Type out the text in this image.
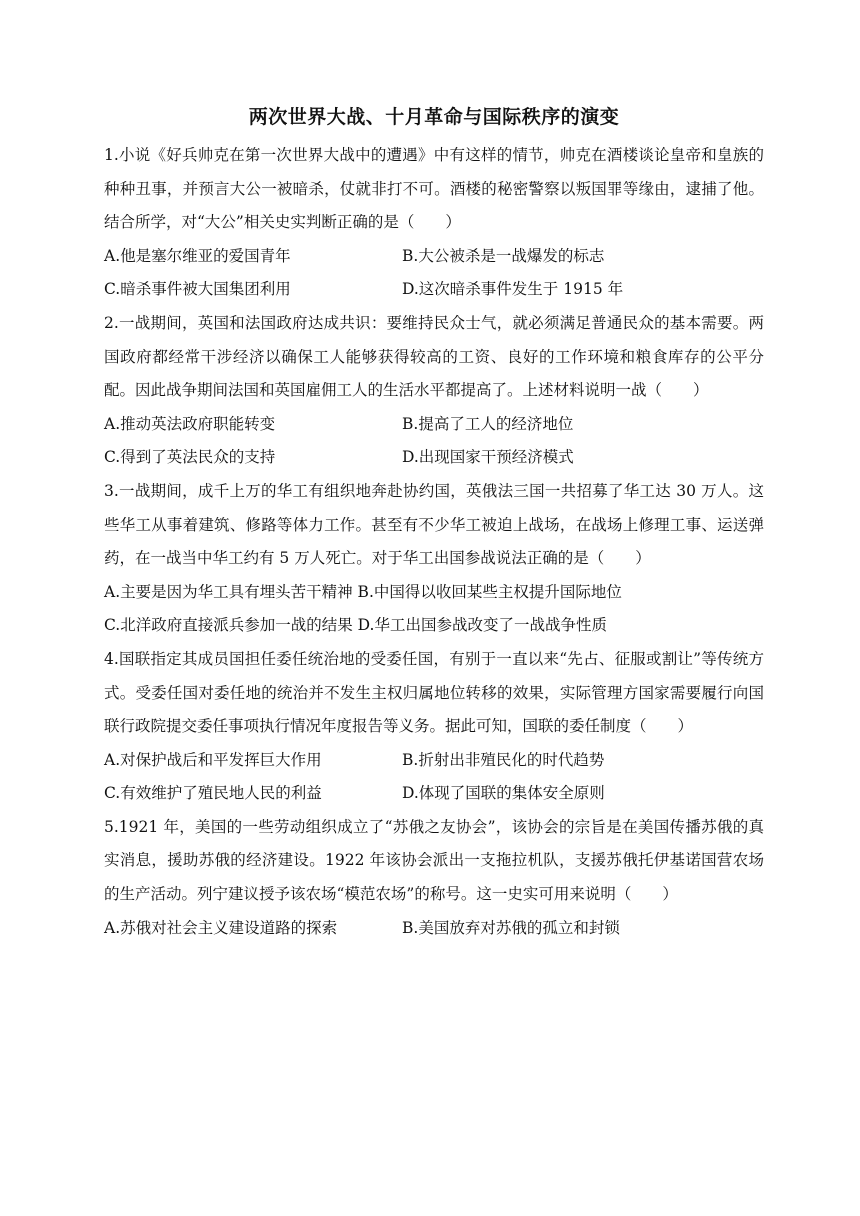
两次世界大战、十月革命与国际秩序的演变

1.小说《好兵帅克在第一次世界大战中的遭遇》中有这样的情节，帅克在酒楼谈论皇帝和皇族的种种丑事，并预言大公一被暗杀，仗就非打不可。酒楼的秘密警察以叛国罪等缘由，逮捕了他。结合所学，对“大公”相关史实判断正确的是（　　）

A.他是塞尔维亚的爱国青年	B.大公被杀是一战爆发的标志
C.暗杀事件被大国集团利用	D.这次暗杀事件发生于 1915 年

2.一战期间，英国和法国政府达成共识：要维持民众士气，就必须满足普通民众的基本需要。两国政府都经常干涉经济以确保工人能够获得较高的工资、良好的工作环境和粮食库存的公平分配。因此战争期间法国和英国雇佣工人的生活水平都提高了。上述材料说明一战（　　）

A.推动英法政府职能转变	B.提高了工人的经济地位
C.得到了英法民众的支持	D.出现国家干预经济模式

3.一战期间，成千上万的华工有组织地奔赴协约国，英俄法三国一共招募了华工达 30 万人。这些华工从事着建筑、修路等体力工作。甚至有不少华工被迫上战场，在战场上修理工事、运送弹药，在一战当中华工约有 5 万人死亡。对于华工出国参战说法正确的是（　　）

A.主要是因为华工具有埋头苦干精神 B.中国得以收回某些主权提升国际地位
C.北洋政府直接派兵参加一战的结果 D.华工出国参战改变了一战战争性质

4.国联指定其成员国担任委任统治地的受委任国，有别于一直以来“先占、征服或割让”等传统方式。受委任国对委任地的统治并不发生主权归属地位转移的效果，实际管理方国家需要履行向国联行政院提交委任事项执行情况年度报告等义务。据此可知，国联的委任制度（　　）

A.对保护战后和平发挥巨大作用	B.折射出非殖民化的时代趋势
C.有效维护了殖民地人民的利益	D.体现了国联的集体安全原则

5.1921 年，美国的一些劳动组织成立了“苏俄之友协会”，该协会的宗旨是在美国传播苏俄的真实消息，援助苏俄的经济建设。1922 年该协会派出一支拖拉机队，支援苏俄托伊基诺国营农场的生产活动。列宁建议授予该农场“模范农场”的称号。这一史实可用来说明（　　）

A.苏俄对社会主义建设道路的探索	B.美国放弃对苏俄的孤立和封锁
